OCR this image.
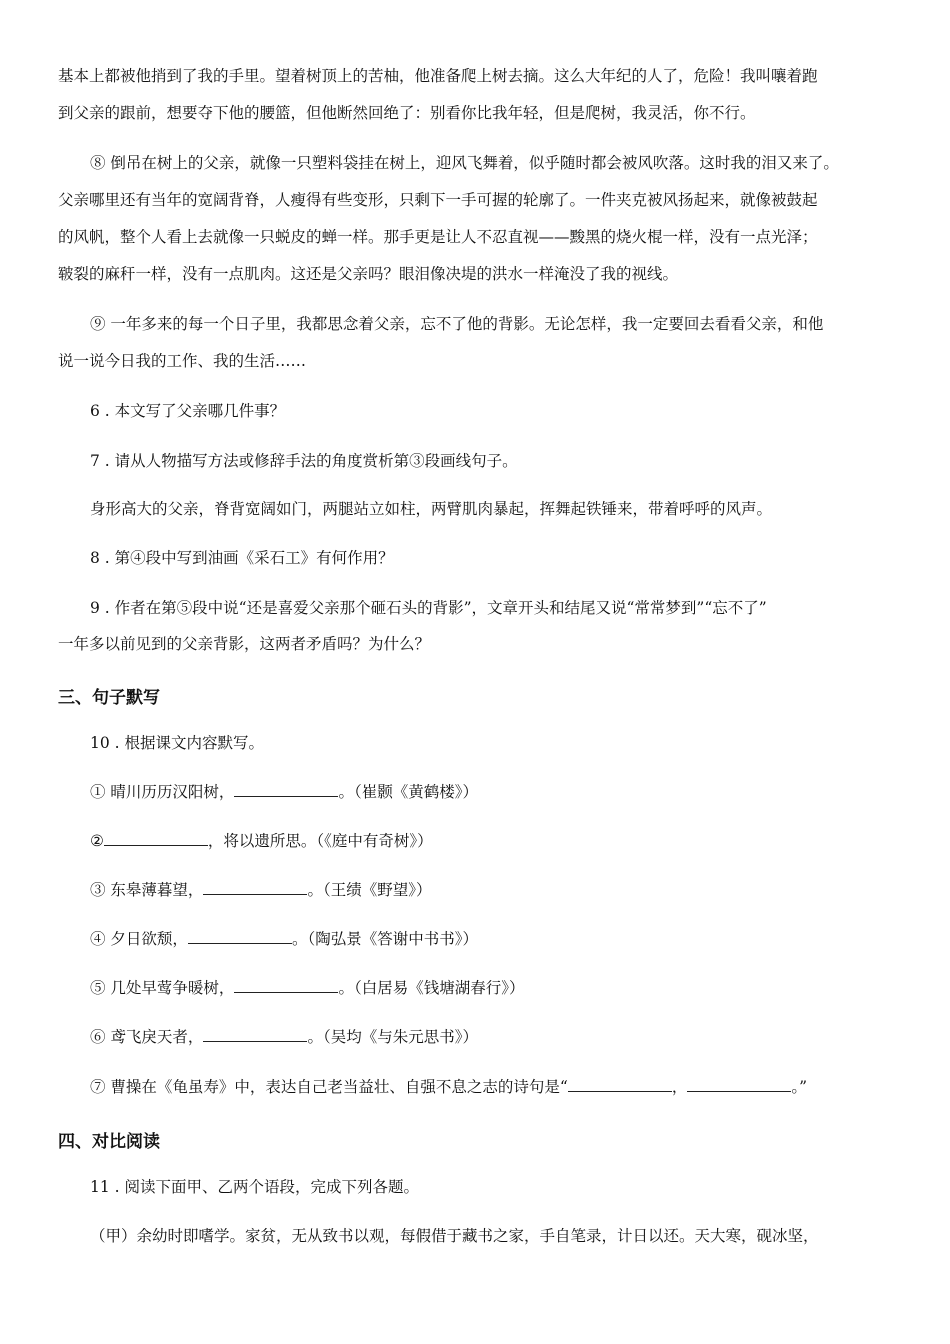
基本上都被他捎到了我的手里。望着树顶上的苦柚，他准备爬上树去摘。这么大年纪的人了，危险！我叫嚷着跑
到父亲的跟前，想要夺下他的腰篮，但他断然回绝了：别看你比我年轻，但是爬树，我灵活，你不行。
⑧ 倒吊在树上的父亲，就像一只塑料袋挂在树上，迎风飞舞着，似乎随时都会被风吹落。这时我的泪又来了。
父亲哪里还有当年的宽阔背脊，人瘦得有些变形，只剩下一手可握的轮廓了。一件夹克被风扬起来，就像被鼓起
的风帆，整个人看上去就像一只蜕皮的蝉一样。那手更是让人不忍直视——黢黑的烧火棍一样，没有一点光泽；
皲裂的麻秆一样，没有一点肌肉。这还是父亲吗？眼泪像决堤的洪水一样淹没了我的视线。
⑨ 一年多来的每一个日子里，我都思念着父亲，忘不了他的背影。无论怎样，我一定要回去看看父亲，和他
说一说今日我的工作、我的生活……
6 . 本文写了父亲哪几件事？
7 . 请从人物描写方法或修辞手法的角度赏析第③段画线句子。
身形高大的父亲，脊背宽阔如门，两腿站立如柱，两臂肌肉暴起，挥舞起铁锤来，带着呼呼的风声。
8 . 第④段中写到油画《采石工》有何作用？
9 . 作者在第⑤段中说“还是喜爱父亲那个砸石头的背影”，文章开头和结尾又说“常常梦到”“忘不了”
一年多以前见到的父亲背影，这两者矛盾吗？为什么？
三、句子默写
10 . 根据课文内容默写。
① 晴川历历汉阳树，	。（崔颢《黄鹤楼》）
②	，将以遗所思。（《庭中有奇树》）
③ 东皋薄暮望，	。（王绩《野望》）
④ 夕日欲颓，	。（陶弘景《答谢中书书》）
⑤ 几处早莺争暖树，	。（白居易《钱塘湖春行》）
⑥ 鸢飞戾天者，	。（吴均《与朱元思书》）
⑦ 曹操在《龟虽寿》中，表达自己老当益壮、自强不息之志的诗句是“	，	。”
四、对比阅读
11 . 阅读下面甲、乙两个语段，完成下列各题。
（甲）余幼时即嗜学。家贫，无从致书以观，每假借于藏书之家，手自笔录，计日以还。天大寒，砚冰坚，
